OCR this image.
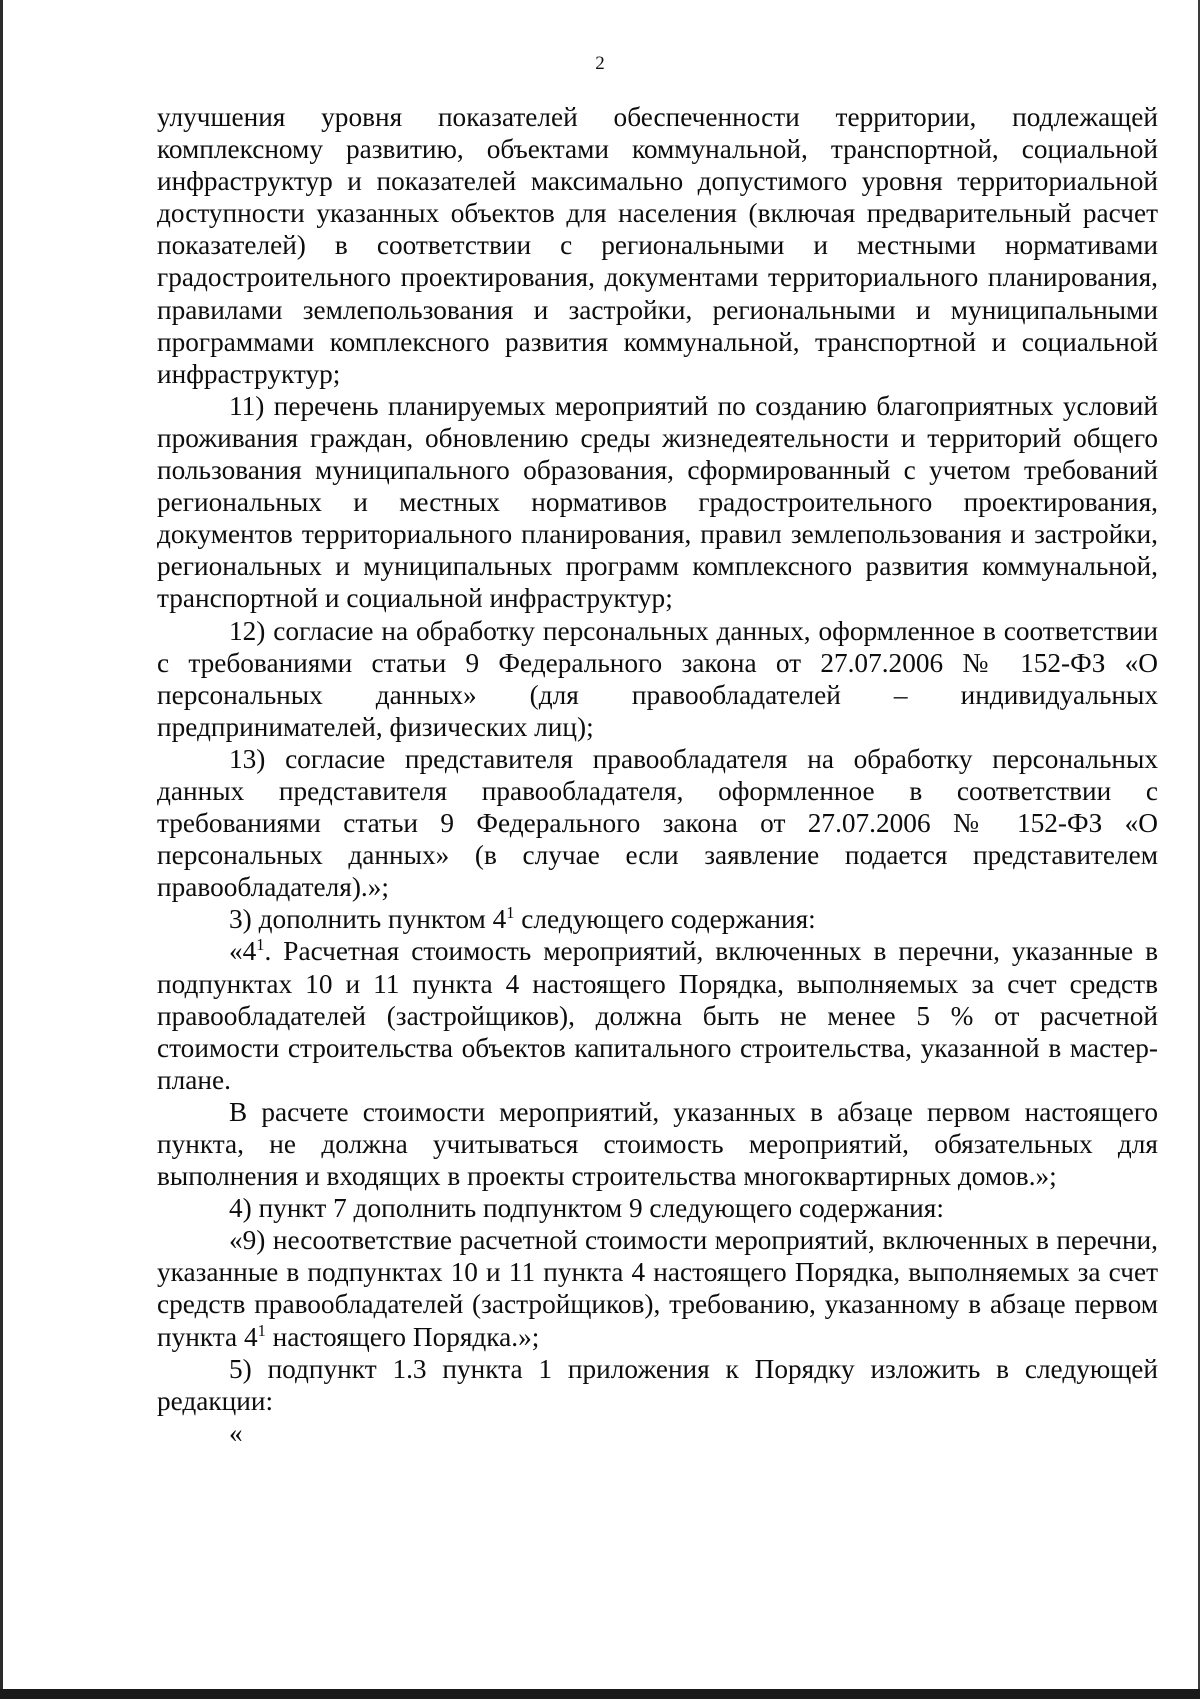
2

улучшения уровня показателей обеспеченности территории, подлежащей комплексному развитию, объектами коммунальной, транспортной, социальной инфраструктур и показателей максимально допустимого уровня территориальной доступности указанных объектов для населения (включая предварительный расчет показателей) в соответствии с региональными и местными нормативами градостроительного проектирования, документами территориального планирования, правилами землепользования и застройки, региональными и муниципальными программами комплексного развития коммунальной, транспортной и социальной инфраструктур;

11) перечень планируемых мероприятий по созданию благоприятных условий проживания граждан, обновлению среды жизнедеятельности и территорий общего пользования муниципального образования, сформированный с учетом требований региональных и местных нормативов градостроительного проектирования, документов территориального планирования, правил землепользования и застройки, региональных и муниципальных программ комплексного развития коммунальной, транспортной и социальной инфраструктур;

12) согласие на обработку персональных данных, оформленное в соответствии с требованиями статьи 9 Федерального закона от 27.07.2006 № 152-ФЗ «О персональных данных» (для правообладателей – индивидуальных предпринимателей, физических лиц);

13) согласие представителя правообладателя на обработку персональных данных представителя правообладателя, оформленное в соответствии с требованиями статьи 9 Федерального закона от 27.07.2006 № 152-ФЗ «О персональных данных» (в случае если заявление подается представителем правообладателя).»;

3) дополнить пунктом $4^1$ следующего содержания:

«$4^1$. Расчетная стоимость мероприятий, включенных в перечни, указанные в подпунктах 10 и 11 пункта 4 настоящего Порядка, выполняемых за счет средств правообладателей (застройщиков), должна быть не менее 5 % от расчетной стоимости строительства объектов капитального строительства, указанной в мастер-плане.

В расчете стоимости мероприятий, указанных в абзаце первом настоящего пункта, не должна учитываться стоимость мероприятий, обязательных для выполнения и входящих в проекты строительства многоквартирных домов.»;

4) пункт 7 дополнить подпунктом 9 следующего содержания:

«9) несоответствие расчетной стоимости мероприятий, включенных в перечни, указанные в подпунктах 10 и 11 пункта 4 настоящего Порядка, выполняемых за счет средств правообладателей (застройщиков), требованию, указанному в абзаце первом пункта $4^1$ настоящего Порядка.»;

5) подпункт 1.3 пункта 1 приложения к Порядку изложить в следующей редакции:

«
